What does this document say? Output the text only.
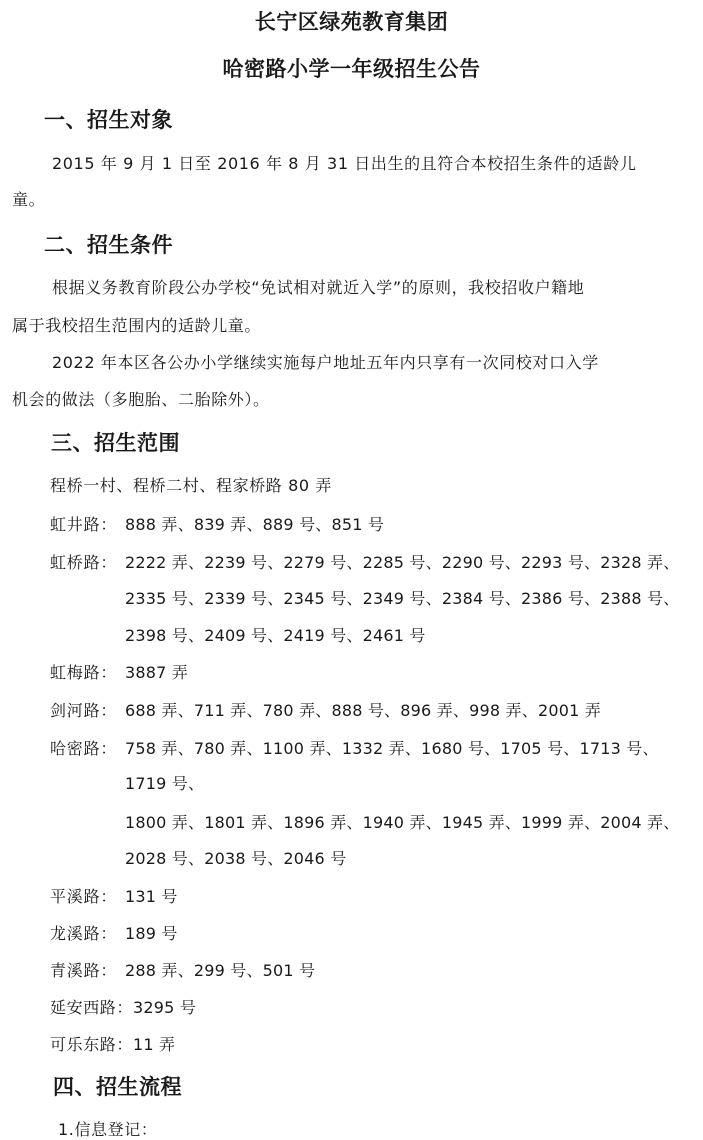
长宁区绿苑教育集团
哈密路小学一年级招生公告
一、招生对象
2015 年 9 月 1 日至 2016 年 8 月 31 日出生的且符合本校招生条件的适龄儿
童。
二、招生条件
根据义务教育阶段公办学校“免试相对就近入学”的原则，我校招收户籍地
属于我校招生范围内的适龄儿童。
2022 年本区各公办小学继续实施每户地址五年内只享有一次同校对口入学
机会的做法（多胞胎、二胎除外）。
三、招生范围
程桥一村、程桥二村、程家桥路 80 弄
虹井路： 888 弄、839 弄、889 号、851 号
虹桥路： 2222 弄、2239 号、2279 号、2285 号、2290 号、2293 号、2328 弄、
2335 号、2339 号、2345 号、2349 号、2384 号、2386 号、2388 号、
2398 号、2409 号、2419 号、2461 号
虹梅路： 3887 弄
剑河路： 688 弄、711 弄、780 弄、888 号、896 弄、998 弄、2001 弄
哈密路： 758 弄、780 弄、1100 弄、1332 弄、1680 号、1705 号、1713 号、
1719 号、
1800 弄、1801 弄、1896 弄、1940 弄、1945 弄、1999 弄、2004 弄、
2028 号、2038 号、2046 号
平溪路： 131 号
龙溪路： 189 号
青溪路： 288 弄、299 号、501 号
延安西路：3295 号
可乐东路：11 弄
四、招生流程
1.信息登记：
